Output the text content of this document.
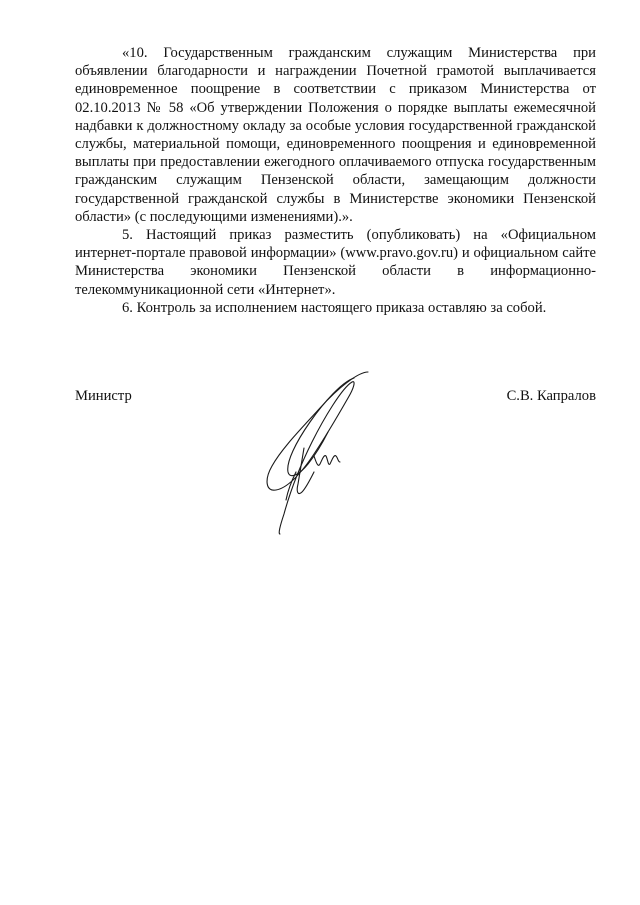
«10. Государственным гражданским служащим Министерства при объявлении благодарности и награждении Почетной грамотой выплачивается единовременное поощрение в соответствии с приказом Министерства от 02.10.2013 № 58 «Об утверждении Положения о порядке выплаты ежемесячной надбавки к должностному окладу за особые условия государственной гражданской службы, материальной помощи, единовременного поощрения и единовременной выплаты при предоставлении ежегодного оплачиваемого отпуска государственным гражданским служащим Пензенской области, замещающим должности государственной гражданской службы в Министерстве экономики Пензенской области» (с последующими изменениями).».

5. Настоящий приказ разместить (опубликовать) на «Официальном интернет-портале правовой информации» (www.pravo.gov.ru) и официальном сайте Министерства экономики Пензенской области в информационно-телекоммуникационной сети «Интернет».

6. Контроль за исполнением настоящего приказа оставляю за собой.

Министр	С.В. Капралов
